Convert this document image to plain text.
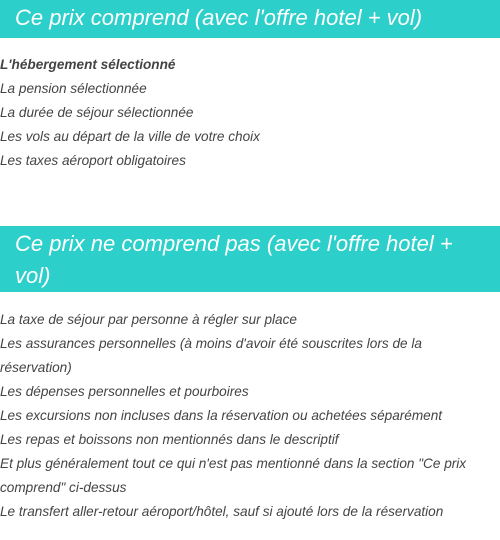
Ce prix comprend (avec l'offre hotel + vol)
L'hébergement sélectionné
La pension sélectionnée
La durée de séjour sélectionnée
Les vols au départ de la ville de votre choix
Les taxes aéroport obligatoires
Ce prix ne comprend pas (avec l'offre hotel + vol)
La taxe de séjour par personne à régler sur place
Les assurances personnelles (à moins d'avoir été souscrites lors de la réservation)
Les dépenses personnelles et pourboires
Les excursions non incluses dans la réservation ou achetées séparément
Les repas et boissons non mentionnés dans le descriptif
Et plus généralement tout ce qui n'est pas mentionné dans la section "Ce prix comprend" ci-dessus
Le transfert aller-retour aéroport/hôtel, sauf si ajouté lors de la réservation
